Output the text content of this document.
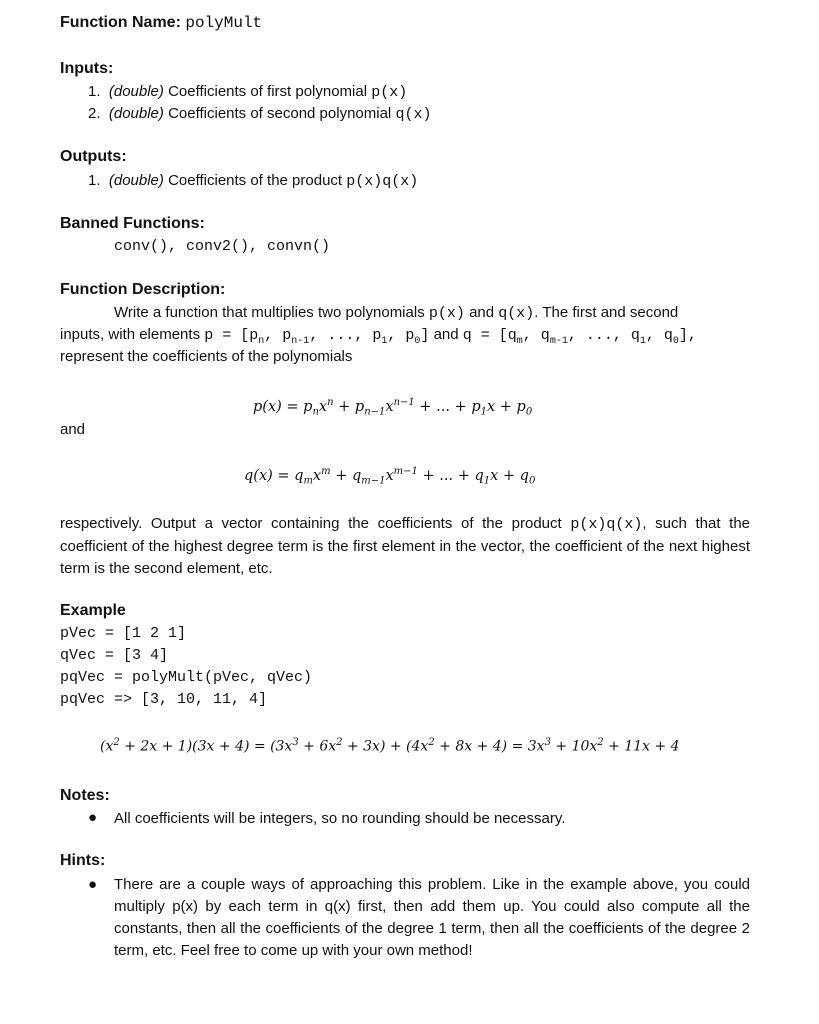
Function Name: polyMult
Inputs:
1. (double) Coefficients of first polynomial p(x)
2. (double) Coefficients of second polynomial q(x)
Outputs:
1. (double) Coefficients of the product p(x)q(x)
Banned Functions:
conv(), conv2(), convn()
Function Description:
Write a function that multiplies two polynomials p(x) and q(x). The first and second
inputs, with elements $p = [p_n$, $p_{n-1}$, ..., $p_1$, $p_0$] and $q = [q_m$, $q_{m-1}$, ..., $q_1$, $q_0$],
represent the coefficients of the polynomials
$p(x) = p_nx^n + p_{n-1}x^{n-1}$ + ... + $p_1x + p_0$
and
$q(x) = q_mx^m + q_{m-1}x^{m-1}$ + ... + $q_1x + q_0$
respectively. Output a vector containing the coefficients of the product p(x)q(x), such that the coefficient of the highest degree term is the first element in the vector, the coefficient of the next highest term is the second element, etc.
Example
pVec = [1 2 1]
qVec = [3 4]
pqVec = polyMult(pVec, qVec)
pqVec => [3, 10, 11, 4]
$(x^2 + 2x + 1)(3x + 4) = (3x^3 + 6x^2 + 3x) + (4x^2 + 8x + 4) = 3x^3 + 10x^2 + 11x + 4$
Notes:
● All coefficients will be integers, so no rounding should be necessary.
Hints:
● There are a couple ways of approaching this problem. Like in the example above, you could multiply p(x) by each term in q(x) first, then add them up. You could also compute all the constants, then all the coefficients of the degree 1 term, then all the coefficients of the degree 2 term, etc. Feel free to come up with your own method!
